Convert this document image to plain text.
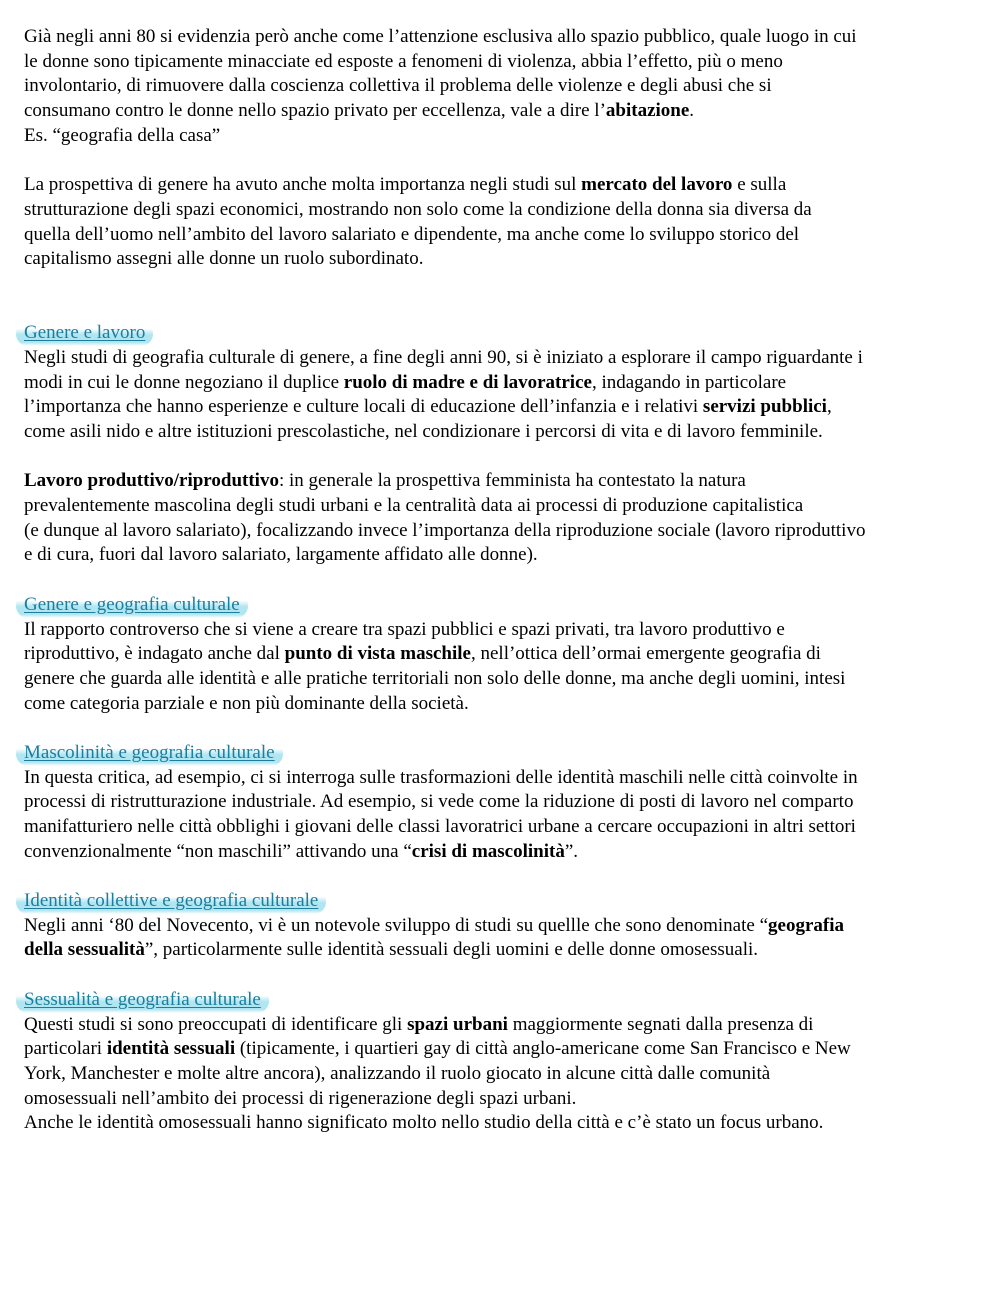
Già negli anni 80 si evidenzia però anche come l’attenzione esclusiva allo spazio pubblico, quale luogo in cui
le donne sono tipicamente minacciate ed esposte a fenomeni di violenza, abbia l’effetto, più o meno
involontario, di rimuovere dalla coscienza collettiva il problema delle violenze e degli abusi che si
consumano contro le donne nello spazio privato per eccellenza, vale a dire l’abitazione.
Es. “geografia della casa”
La prospettiva di genere ha avuto anche molta importanza negli studi sul mercato del lavoro e sulla
strutturazione degli spazi economici, mostrando non solo come la condizione della donna sia diversa da
quella dell’uomo nell’ambito del lavoro salariato e dipendente, ma anche come lo sviluppo storico del
capitalismo assegni alle donne un ruolo subordinato.
Genere e lavoro
Negli studi di geografia culturale di genere, a fine degli anni 90, si è iniziato a esplorare il campo riguardante i
modi in cui le donne negoziano il duplice ruolo di madre e di lavoratrice, indagando in particolare
l’importanza che hanno esperienze e culture locali di educazione dell’infanzia e i relativi servizi pubblici,
come asili nido e altre istituzioni prescolastiche, nel condizionare i percorsi di vita e di lavoro femminile.
Lavoro produttivo/riproduttivo: in generale la prospettiva femminista ha contestato la natura
prevalentemente mascolina degli studi urbani e la centralità data ai processi di produzione capitalistica
(e dunque al lavoro salariato), focalizzando invece l’importanza della riproduzione sociale (lavoro riproduttivo
e di cura, fuori dal lavoro salariato, largamente affidato alle donne).
Genere e geografia culturale
Il rapporto controverso che si viene a creare tra spazi pubblici e spazi privati, tra lavoro produttivo e
riproduttivo, è indagato anche dal punto di vista maschile, nell’ottica dell’ormai emergente geografia di
genere che guarda alle identità e alle pratiche territoriali non solo delle donne, ma anche degli uomini, intesi
come categoria parziale e non più dominante della società.
Mascolinità e geografia culturale
In questa critica, ad esempio, ci si interroga sulle trasformazioni delle identità maschili nelle città coinvolte in
processi di ristrutturazione industriale. Ad esempio, si vede come la riduzione di posti di lavoro nel comparto
manifatturiero nelle città obblighi i giovani delle classi lavoratrici urbane a cercare occupazioni in altri settori
convenzionalmente “non maschili” attivando una “crisi di mascolinità”.
Identità collettive e geografia culturale
Negli anni ‘80 del Novecento, vi è un notevole sviluppo di studi su quellle che sono denominate “geografia
della sessualità”, particolarmente sulle identità sessuali degli uomini e delle donne omosessuali.
Sessualità e geografia culturale
Questi studi si sono preoccupati di identificare gli spazi urbani maggiormente segnati dalla presenza di
particolari identità sessuali (tipicamente, i quartieri gay di città anglo-americane come San Francisco e New
York, Manchester e molte altre ancora), analizzando il ruolo giocato in alcune città dalle comunità
omosessuali nell’ambito dei processi di rigenerazione degli spazi urbani.
Anche le identità omosessuali hanno significato molto nello studio della città e c’è stato un focus urbano.
